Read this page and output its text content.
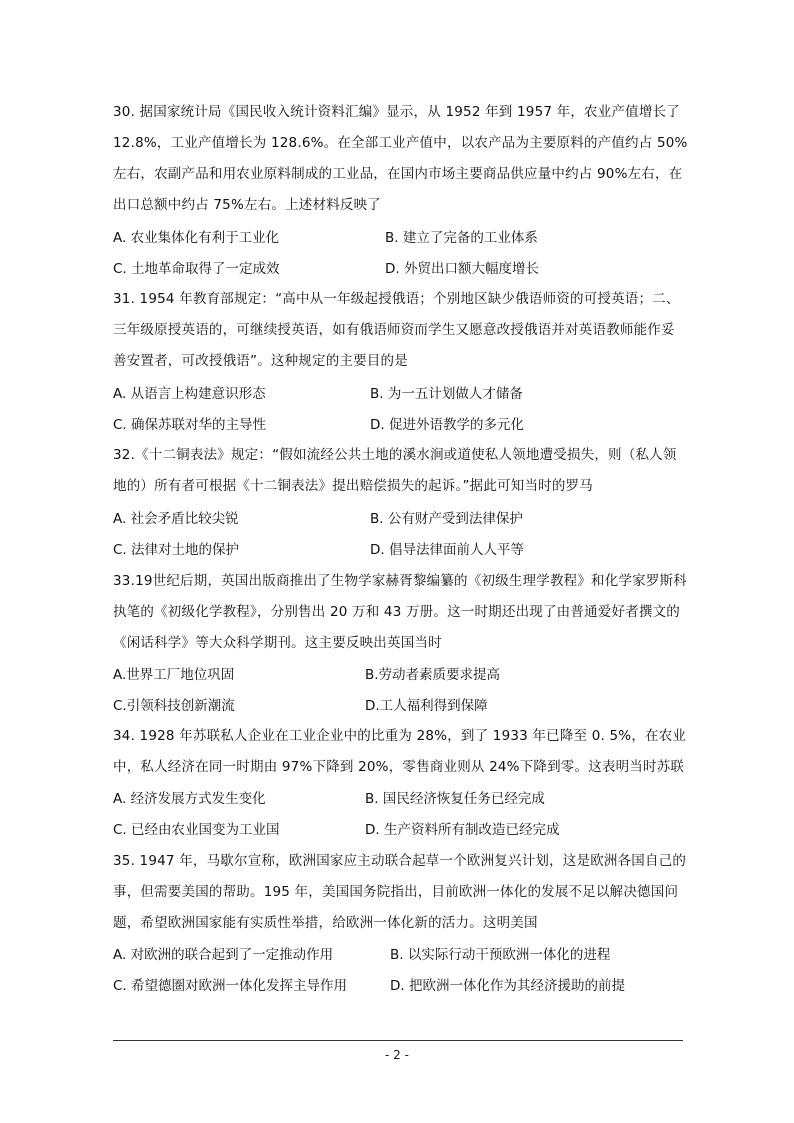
30. 据国家统计局《国民收入统计资料汇编》显示，从 1952 年到 1957 年，农业产值增长了 12.8%，工业产值增长为 128.6%。在全部工业产值中，以农产品为主要原料的产值约占 50%左右，农副产品和用农业原料制成的工业品，在国内市场主要商品供应量中约占 90%左右，在出口总额中约占 75%左右。上述材料反映了
A. 农业集体化有利于工业化	B. 建立了完备的工业体系
C. 土地革命取得了一定成效	D. 外贸出口额大幅度增长
31. 1954 年教育部规定：“高中从一年级起授俄语；个别地区缺少俄语师资的可授英语；二、三年级原授英语的，可继续授英语，如有俄语师资而学生又愿意改授俄语并对英语教师能作妥善安置者，可改授俄语”。这种规定的主要目的是
A. 从语言上构建意识形态	B. 为一五计划做人才储备
C. 确保苏联对华的主导性	D. 促进外语教学的多元化
32.《十二铜表法》规定：“假如流经公共土地的溪水涧或道使私人领地遭受损失，则（私人领地的）所有者可根据《十二铜表法》提出赔偿损失的起诉。”据此可知当时的罗马
A. 社会矛盾比较尖锐	B. 公有财产受到法律保护
C. 法律对土地的保护	D. 倡导法律面前人人平等
33.19世纪后期，英国出版商推出了生物学家赫胥黎编纂的《初级生理学教程》和化学家罗斯科执笔的《初级化学教程》，分别售出 20 万和 43 万册。这一时期还出现了由普通爱好者撰文的《闲话科学》等大众科学期刊。这主要反映出英国当时
A.世界工厂地位巩固	B.劳动者素质要求提高
C.引领科技创新潮流	D.工人福利得到保障
34. 1928 年苏联私人企业在工业企业中的比重为 28%，到了 1933 年已降至 0. 5%，在农业中，私人经济在同一时期由 97%下降到 20%，零售商业则从 24%下降到零。这表明当时苏联
A. 经济发展方式发生变化	B. 国民经济恢复任务已经完成
C. 已经由农业国变为工业国	D. 生产资料所有制改造已经完成
35. 1947 年，马歇尔宣称，欧洲国家应主动联合起草一个欧洲复兴计划，这是欧洲各国自己的事，但需要美国的帮助。195 年，美国国务院指出，目前欧洲一体化的发展不足以解决德国问题，希望欧洲国家能有实质性举措，给欧洲一体化新的活力。这明美国
A. 对欧洲的联合起到了一定推动作用	B. 以实际行动干预欧洲一体化的进程
C. 希望德圏对欧洲一体化发挥主导作用	D. 把欧洲一体化作为其经济援助的前提
- 2 -
